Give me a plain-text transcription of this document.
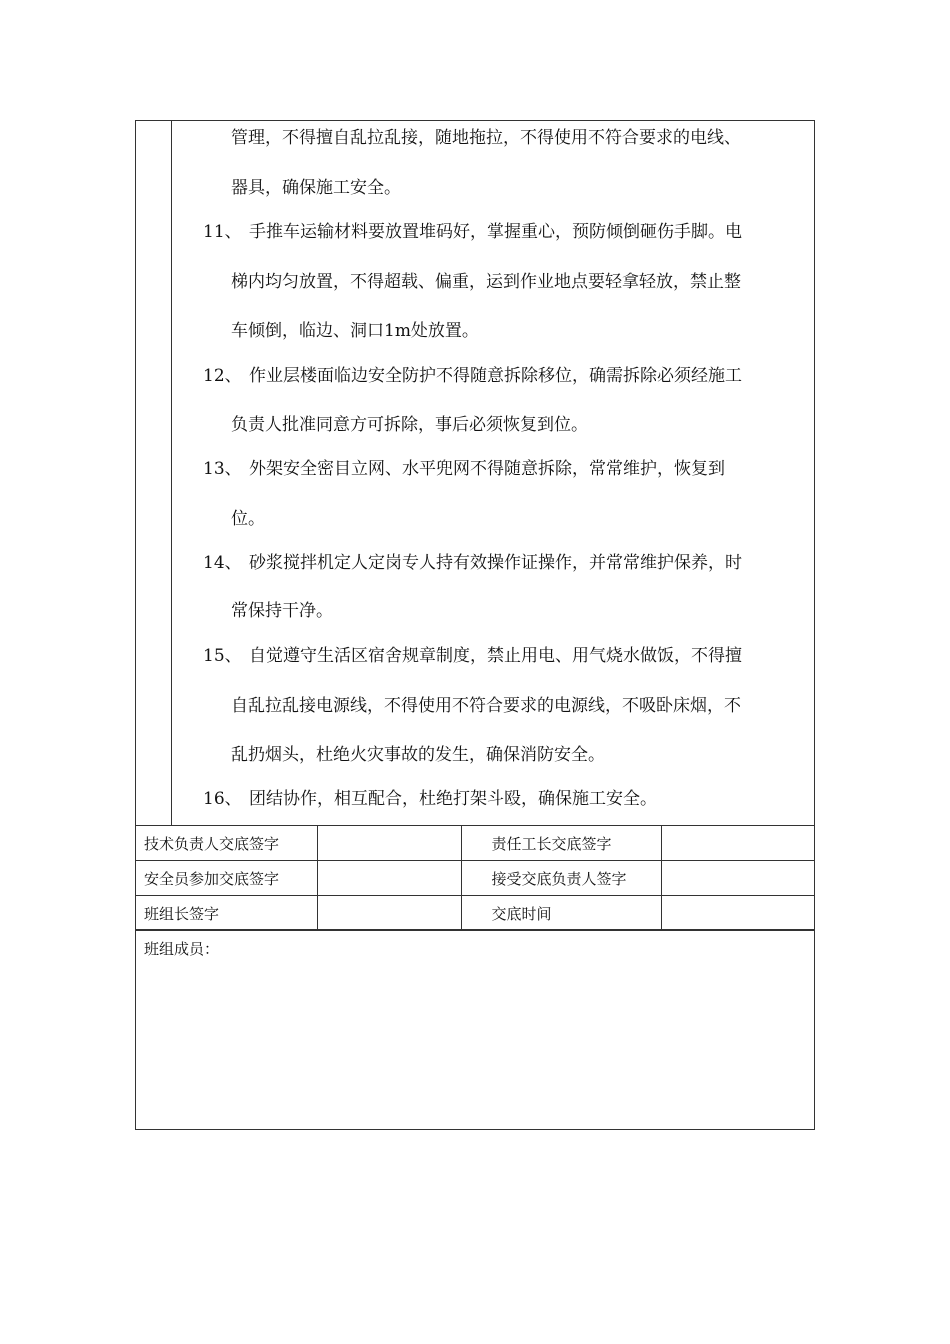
管理，不得擅自乱拉乱接，随地拖拉，不得使用不符合要求的电线、
器具，确保施工安全。
11、 手推车运输材料要放置堆码好，掌握重心，预防倾倒砸伤手脚。电
梯内均匀放置，不得超载、偏重，运到作业地点要轻拿轻放，禁止整
车倾倒，临边、洞口1m处放置。
12、 作业层楼面临边安全防护不得随意拆除移位，确需拆除必须经施工
负责人批准同意方可拆除，事后必须恢复到位。
13、 外架安全密目立网、水平兜网不得随意拆除，常常维护，恢复到
位。
14、 砂浆搅拌机定人定岗专人持有效操作证操作，并常常维护保养，时
常保持干净。
15、 自觉遵守生活区宿舍规章制度，禁止用电、用气烧水做饭，不得擅
自乱拉乱接电源线，不得使用不符合要求的电源线，不吸卧床烟，不
乱扔烟头，杜绝火灾事故的发生，确保消防安全。
16、 团结协作，相互配合，杜绝打架斗殴，确保施工安全。
技术负责人交底签字		责任工长交底签字	
安全员参加交底签字		接受交底负责人签字	
班组长签字		交底时间	
班组成员：
